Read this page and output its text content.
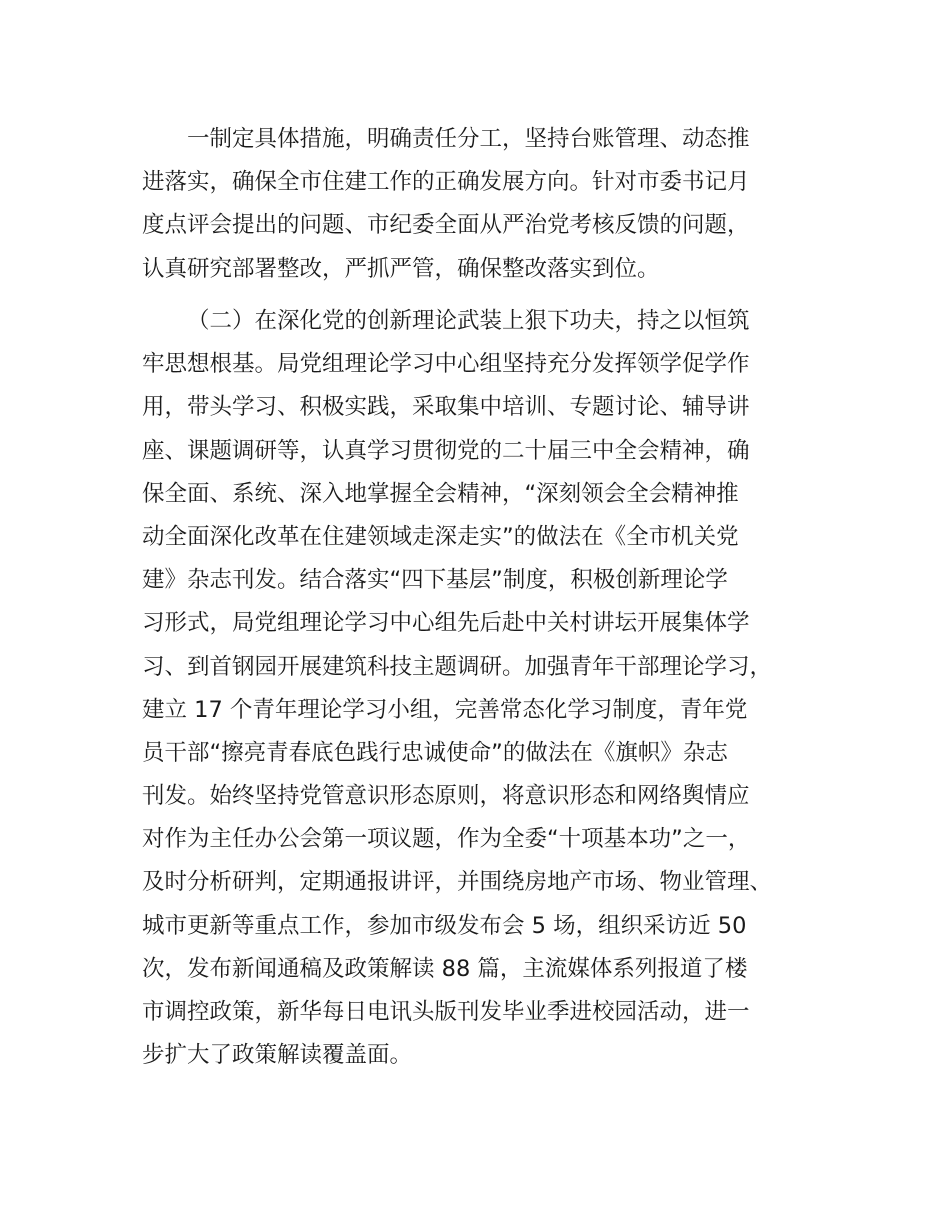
一制定具体措施，明确责任分工，坚持台账管理、动态推
进落实，确保全市住建工作的正确发展方向。针对市委书记月
度点评会提出的问题、市纪委全面从严治党考核反馈的问题，
认真研究部署整改，严抓严管，确保整改落实到位。
（二）在深化党的创新理论武装上狠下功夫，持之以恒筑
牢思想根基。局党组理论学习中心组坚持充分发挥领学促学作
用，带头学习、积极实践，采取集中培训、专题讨论、辅导讲
座、课题调研等，认真学习贯彻党的二十届三中全会精神，确
保全面、系统、深入地掌握全会精神，“深刻领会全会精神推
动全面深化改革在住建领域走深走实”的做法在《全市机关党
建》杂志刊发。结合落实“四下基层”制度，积极创新理论学
习形式，局党组理论学习中心组先后赴中关村讲坛开展集体学
习、到首钢园开展建筑科技主题调研。加强青年干部理论学习，
建立 17 个青年理论学习小组，完善常态化学习制度，青年党
员干部“擦亮青春底色践行忠诚使命”的做法在《旗帜》杂志
刊发。始终坚持党管意识形态原则，将意识形态和网络舆情应
对作为主任办公会第一项议题，作为全委“十项基本功”之一，
及时分析研判，定期通报讲评，并围绕房地产市场、物业管理、
城市更新等重点工作，参加市级发布会 5 场，组织采访近 50
次，发布新闻通稿及政策解读 88 篇，主流媒体系列报道了楼
市调控政策，新华每日电讯头版刊发毕业季进校园活动，进一
步扩大了政策解读覆盖面。
